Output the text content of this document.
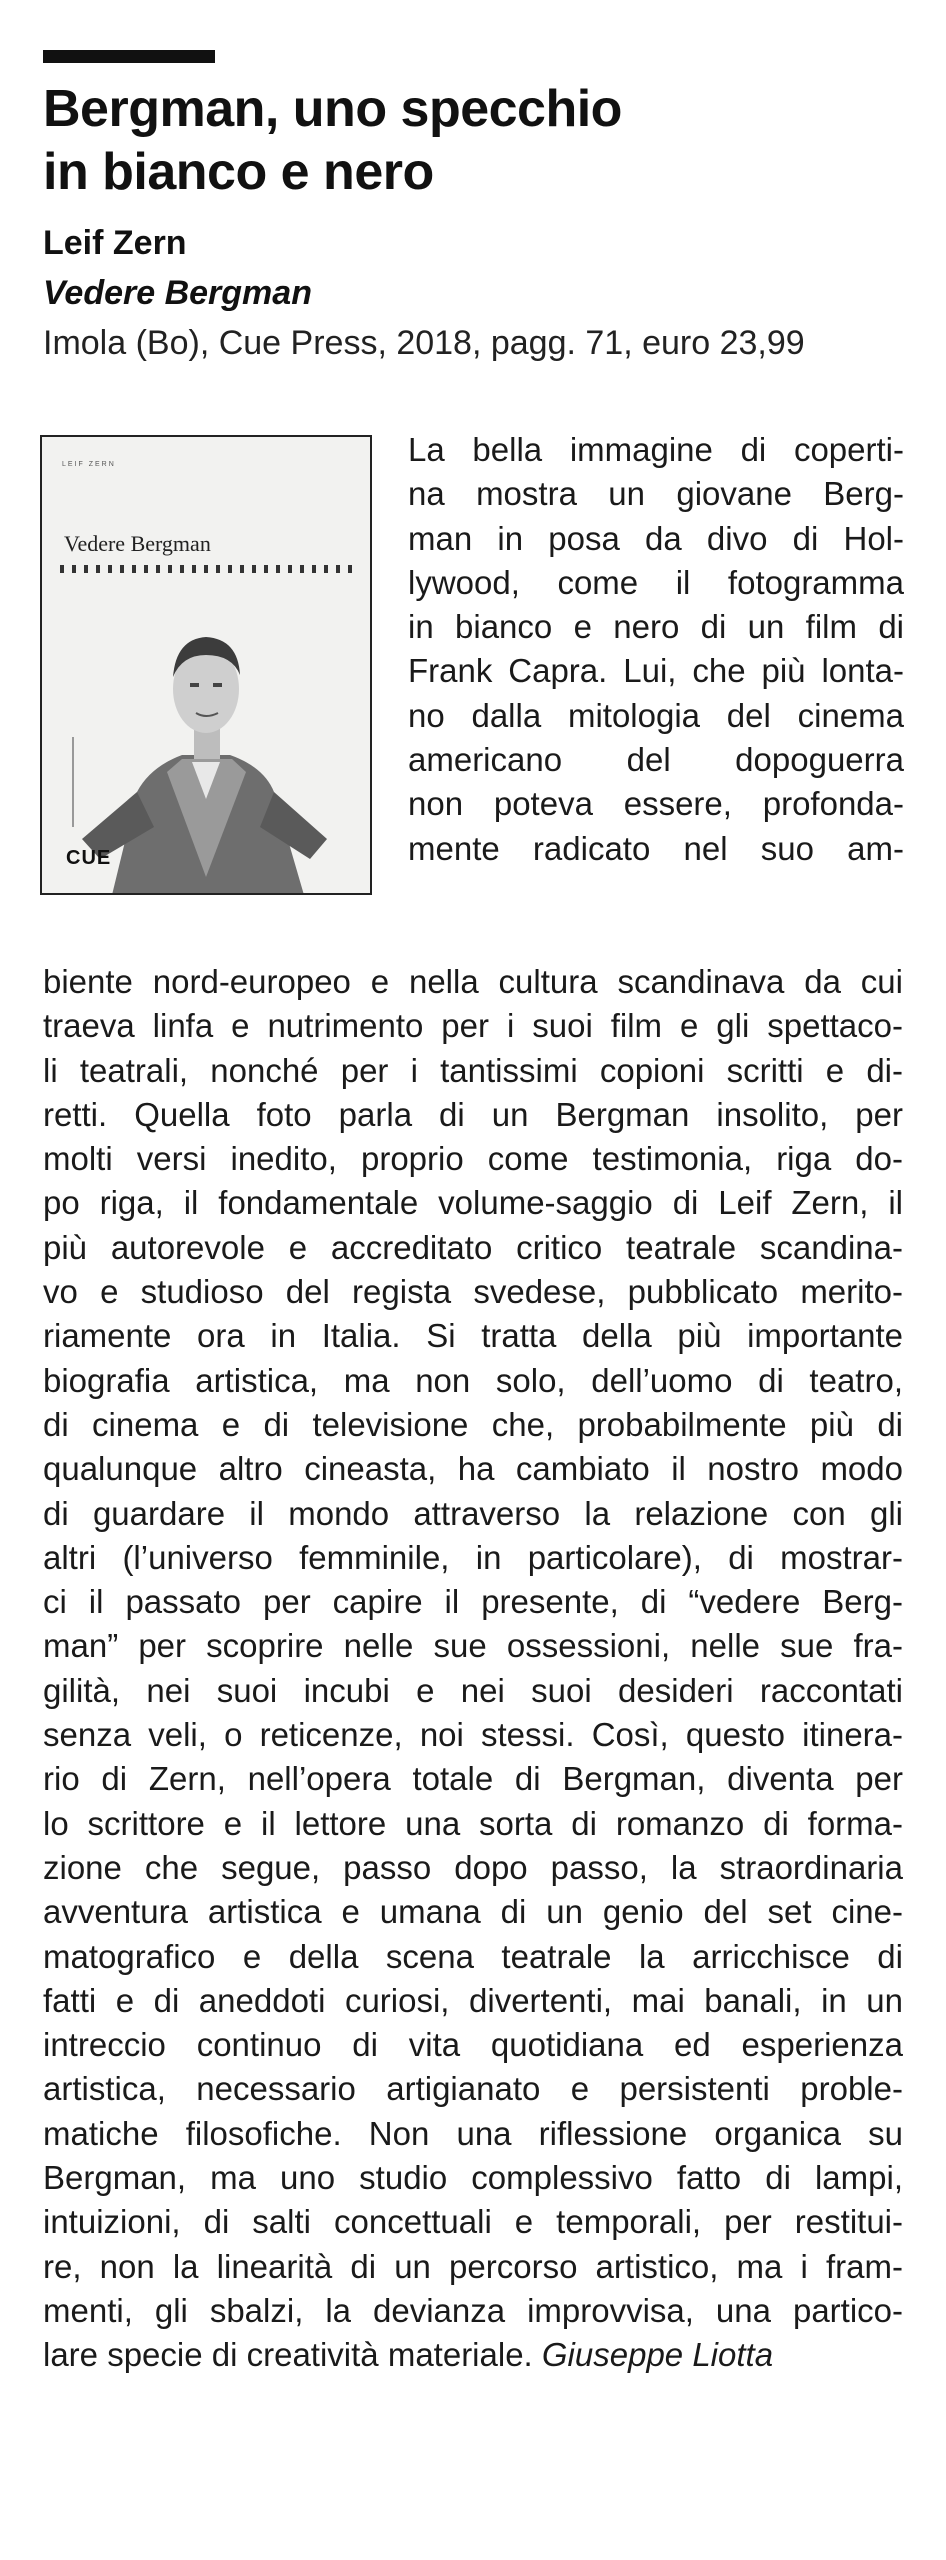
Bergman, uno specchio
in bianco e nero
Leif Zern
Vedere Bergman
Imola (Bo), Cue Press, 2018, pagg. 71, euro 23,99
LEIF ZERN
Vedere Bergman
CUE
La bella immagine di coperti-
na mostra un giovane Berg-
man in posa da divo di Hol-
lywood, come il fotogramma
in bianco e nero di un film di
Frank Capra. Lui, che più lonta-
no dalla mitologia del cinema
americano del dopoguerra
non poteva essere, profonda-
mente radicato nel suo am-
biente nord-europeo e nella cultura scandinava da cui
traeva linfa e nutrimento per i suoi film e gli spettaco-
li teatrali, nonché per i tantissimi copioni scritti e di-
retti. Quella foto parla di un Bergman insolito, per
molti versi inedito, proprio come testimonia, riga do-
po riga, il fondamentale volume-saggio di Leif Zern, il
più autorevole e accreditato critico teatrale scandina-
vo e studioso del regista svedese, pubblicato merito-
riamente ora in Italia. Si tratta della più importante
biografia artistica, ma non solo, dell’uomo di teatro,
di cinema e di televisione che, probabilmente più di
qualunque altro cineasta, ha cambiato il nostro modo
di guardare il mondo attraverso la relazione con gli
altri (l’universo femminile, in particolare), di mostrar-
ci il passato per capire il presente, di “vedere Berg-
man” per scoprire nelle sue ossessioni, nelle sue fra-
gilità, nei suoi incubi e nei suoi desideri raccontati
senza veli, o reticenze, noi stessi. Così, questo itinera-
rio di Zern, nell’opera totale di Bergman, diventa per
lo scrittore e il lettore una sorta di romanzo di forma-
zione che segue, passo dopo passo, la straordinaria
avventura artistica e umana di un genio del set cine-
matografico e della scena teatrale la arricchisce di
fatti e di aneddoti curiosi, divertenti, mai banali, in un
intreccio continuo di vita quotidiana ed esperienza
artistica, necessario artigianato e persistenti proble-
matiche filosofiche. Non una riflessione organica su
Bergman, ma uno studio complessivo fatto di lampi,
intuizioni, di salti concettuali e temporali, per restitui-
re, non la linearità di un percorso artistico, ma i fram-
menti, gli sbalzi, la devianza improvvisa, una partico-
lare specie di creatività materiale. Giuseppe Liotta
